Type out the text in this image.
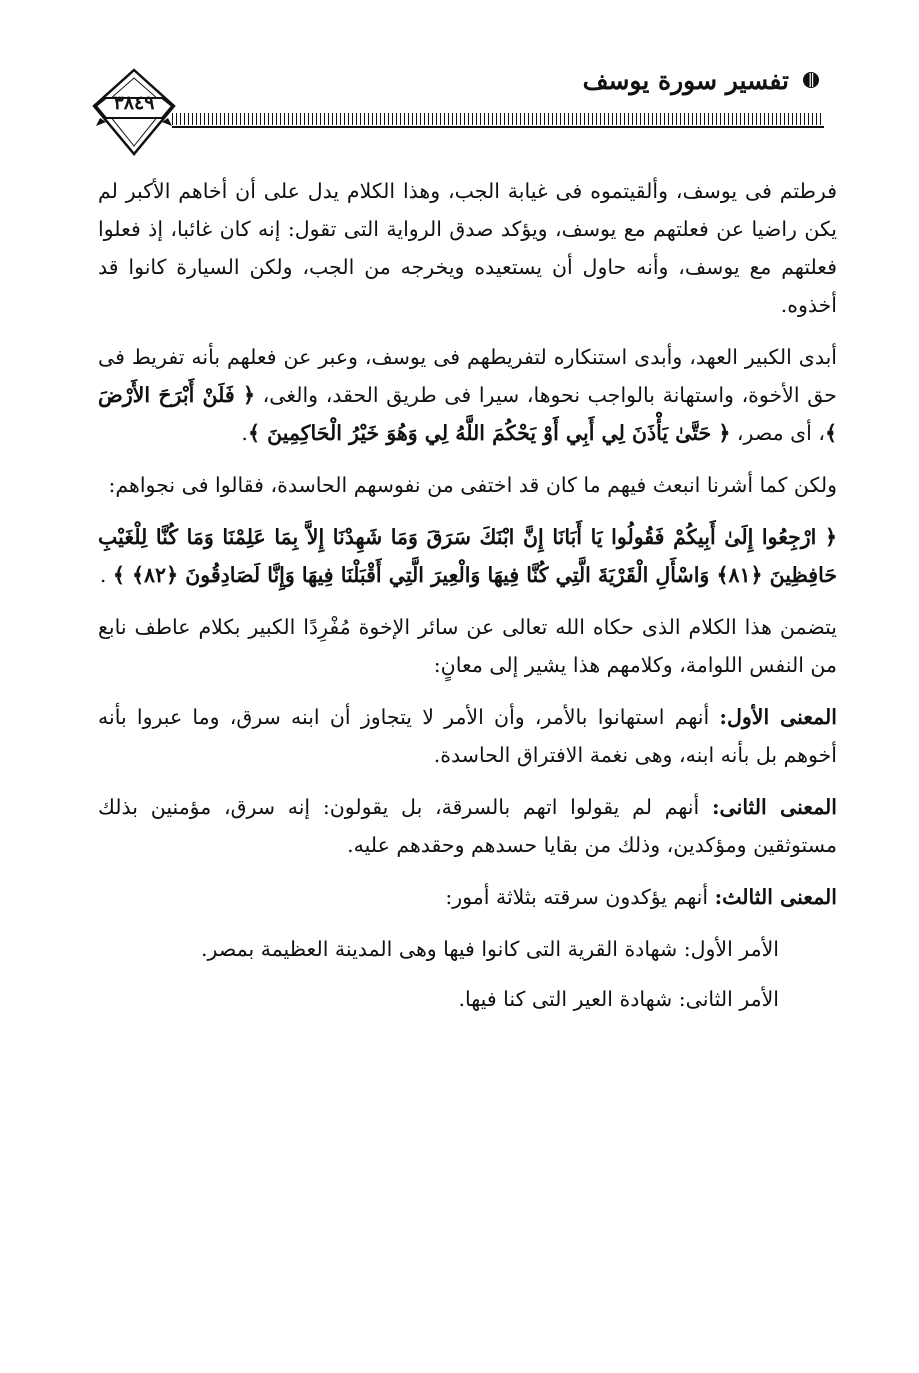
تفسير سورة يوسف
٣٨٤٩

فرطتم فى يوسف، وألقيتموه فى غيابة الجب، وهذا الكلام يدل على أن أخاهم الأكبر لم يكن راضيا عن فعلتهم مع يوسف، ويؤكد صدق الرواية التى تقول: إنه كان غائبا، إذ فعلوا فعلتهم مع يوسف، وأنه حاول أن يستعيده ويخرجه من الجب، ولكن السيارة كانوا قد أخذوه.

أبدى الكبير العهد، وأبدى استنكاره لتفريطهم فى يوسف، وعبر عن فعلهم بأنه تفريط فى حق الأخوة، واستهانة بالواجب نحوها، سيرا فى طريق الحقد، والغى، ﴿ فَلَنْ أَبْرَحَ الأَرْضَ ﴾، أى مصر، ﴿ حَتَّىٰ يَأْذَنَ لِي أَبِي أَوْ يَحْكُمَ اللَّهُ لِي وَهُوَ خَيْرُ الْحَاكِمِينَ ﴾.

ولكن كما أشرنا انبعث فيهم ما كان قد اختفى من نفوسهم الحاسدة، فقالوا فى نجواهم:

﴿ ارْجِعُوا إِلَىٰ أَبِيكُمْ فَقُولُوا يَا أَبَانَا إِنَّ ابْنَكَ سَرَقَ وَمَا شَهِدْنَا إِلاَّ بِمَا عَلِمْنَا وَمَا كُنَّا لِلْغَيْبِ حَافِظِينَ ﴿٨١﴾ وَاسْأَلِ الْقَرْيَةَ الَّتِي كُنَّا فِيهَا وَالْعِيرَ الَّتِي أَقْبَلْنَا فِيهَا وَإِنَّا لَصَادِقُونَ ﴿٨٢﴾ ﴾ .

يتضمن هذا الكلام الذى حكاه الله تعالى عن سائر الإخوة مُفْرِدًا الكبير بكلام عاطف نابع من النفس اللوامة، وكلامهم هذا يشير إلى معانٍ:

المعنى الأول: أنهم استهانوا بالأمر، وأن الأمر لا يتجاوز أن ابنه سرق، وما عبروا بأنه أخوهم بل بأنه ابنه، وهى نغمة الافتراق الحاسدة.

المعنى الثانى: أنهم لم يقولوا اتهم بالسرقة، بل يقولون: إنه سرق، مؤمنين بذلك مستوثقين ومؤكدين، وذلك من بقايا حسدهم وحقدهم عليه.

المعنى الثالث: أنهم يؤكدون سرقته بثلاثة أمور:

الأمر الأول: شهادة القرية التى كانوا فيها وهى المدينة العظيمة بمصر.

الأمر الثانى: شهادة العير التى كنا فيها.
